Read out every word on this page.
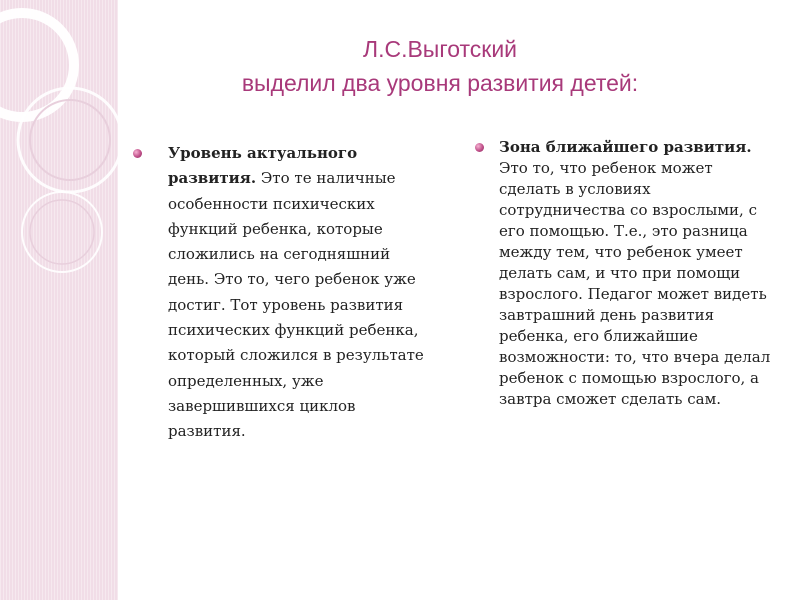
Л.С.Выготский
выделил два уровня развития детей:
Уровень актуального развития. Это те наличные особенности психических функций ребенка, которые сложились на сегодняшний день. Это то, чего ребенок уже достиг. Тот уровень развития психических функций ребенка, который сложился в результате определенных, уже завершившихся циклов развития.
Зона ближайшего развития. Это то, что ребенок может сделать в условиях сотрудничества со взрослыми, с его помощью. Т.е., это разница между тем, что ребенок умеет делать сам, и что при помощи взрослого. Педагог может видеть завтрашний день развития ребенка, его ближайшие возможности: то, что вчера делал ребенок с помощью взрослого, а завтра сможет сделать сам.
